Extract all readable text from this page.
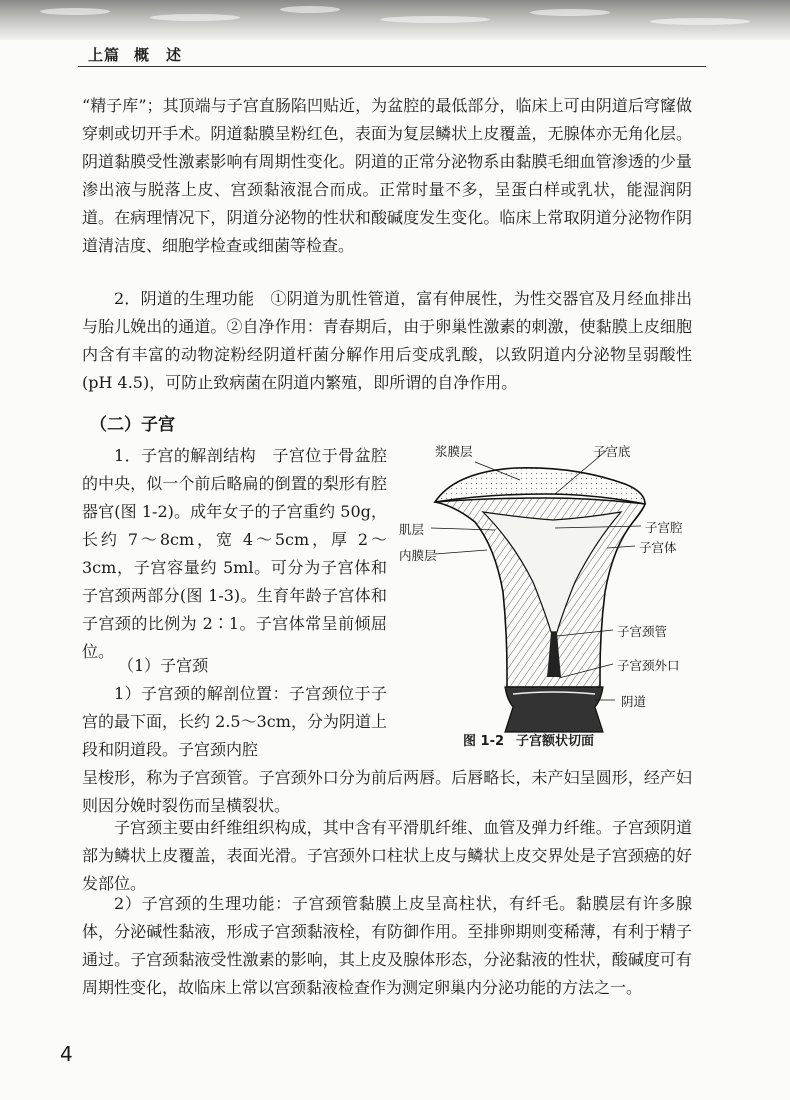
上篇 概　述

“精子库”；其顶端与子宫直肠陷凹贴近，为盆腔的最低部分，临床上可由阴道后穹窿做穿刺或切开手术。阴道黏膜呈粉红色，表面为复层鳞状上皮覆盖，无腺体亦无角化层。阴道黏膜受性激素影响有周期性变化。阴道的正常分泌物系由黏膜毛细血管渗透的少量渗出液与脱落上皮、宫颈黏液混合而成。正常时量不多，呈蛋白样或乳状，能湿润阴道。在病理情况下，阴道分泌物的性状和酸碱度发生变化。临床上常取阴道分泌物作阴道清洁度、细胞学检查或细菌等检查。

2．阴道的生理功能　①阴道为肌性管道，富有伸展性，为性交器官及月经血排出与胎儿娩出的通道。②自净作用：青春期后，由于卵巢性激素的刺激，使黏膜上皮细胞内含有丰富的动物淀粉经阴道杆菌分解作用后变成乳酸，以致阴道内分泌物呈弱酸性(pH 4.5)，可防止致病菌在阴道内繁殖，即所谓的自净作用。

（二）子宫

1．子宫的解剖结构　子宫位于骨盆腔的中央，似一个前后略扁的倒置的梨形有腔器官(图 1-2)。成年女子的子宫重约 50g，长约 7～8cm，宽 4～5cm，厚 2～3cm，子宫容量约 5ml。可分为子宫体和子宫颈两部分(图 1-3)。生育年龄子宫体和子宫颈的比例为 2∶1。子宫体常呈前倾屈位。

（1）子宫颈

1）子宫颈的解剖位置：子宫颈位于子宫的最下面，长约 2.5～3cm，分为阴道上段和阴道段。子宫颈内腔

呈梭形，称为子宫颈管。子宫颈外口分为前后两唇。后唇略长，未产妇呈圆形，经产妇则因分娩时裂伤而呈横裂状。

子宫颈主要由纤维组织构成，其中含有平滑肌纤维、血管及弹力纤维。子宫颈阴道部为鳞状上皮覆盖，表面光滑。子宫颈外口柱状上皮与鳞状上皮交界处是子宫颈癌的好发部位。

2）子宫颈的生理功能：子宫颈管黏膜上皮呈高柱状，有纤毛。黏膜层有许多腺体，分泌碱性黏液，形成子宫颈黏液栓，有防御作用。至排卵期则变稀薄，有利于精子通过。子宫颈黏液受性激素的影响，其上皮及腺体形态，分泌黏液的性状，酸碱度可有周期性变化，故临床上常以宫颈黏液检查作为测定卵巢内分泌功能的方法之一。

浆膜层	子宫底
肌层
内膜层
子宫腔
子宫体
子宫颈管
子宫颈外口
阴道
图 1-2 子宫额状切面
4
